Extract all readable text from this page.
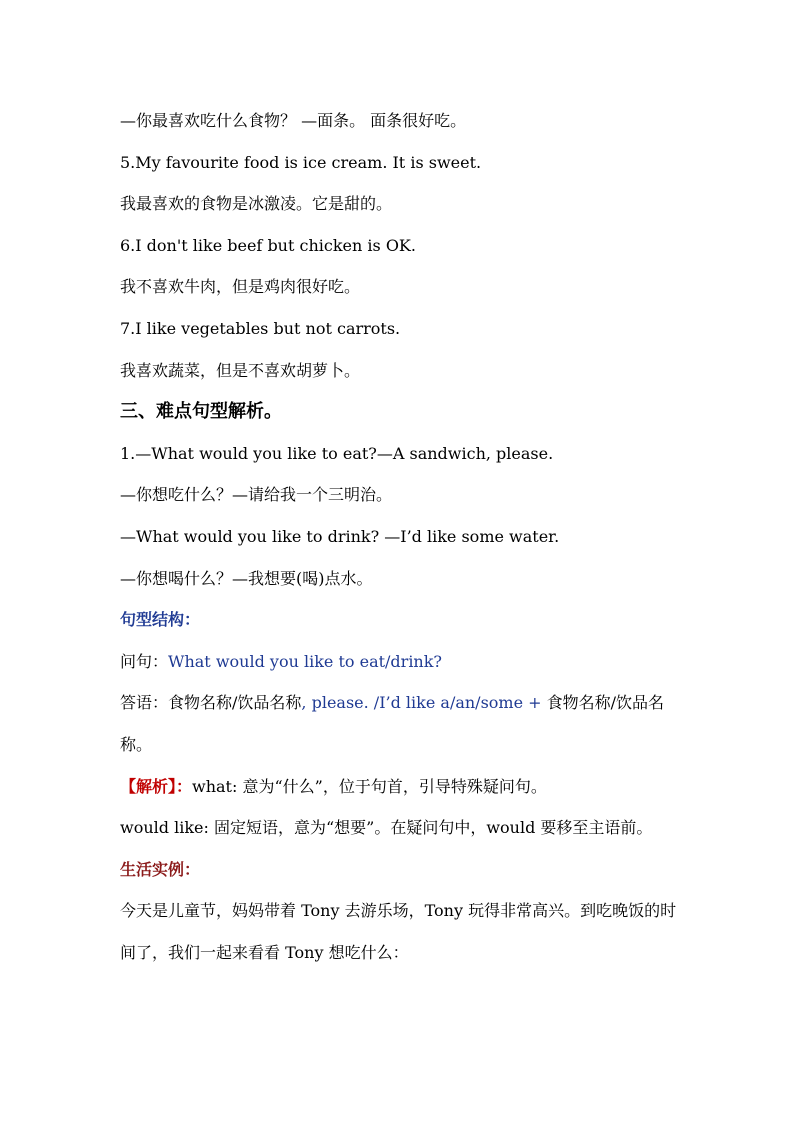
—你最喜欢吃什么食物？ —面条。 面条很好吃。
5.My favourite food is ice cream. It is sweet.
我最喜欢的食物是冰激凌。它是甜的。
6.I don't like beef but chicken is OK.
我不喜欢牛肉，但是鸡肉很好吃。
7.I like vegetables but not carrots.
我喜欢蔬菜，但是不喜欢胡萝卜。
三、难点句型解析。
1.—What would you like to eat?—A sandwich, please.
—你想吃什么？—请给我一个三明治。
—What would you like to drink? —I’d like some water.
—你想喝什么？—我想要(喝)点水。
句型结构：
问句：What would you like to eat/drink?
答语：食物名称/饮品名称, please. /I’d like a/an/some + 食物名称/饮品名称。
【解析】：what: 意为“什么”，位于句首，引导特殊疑问句。
would like: 固定短语，意为“想要”。在疑问句中，would 要移至主语前。
生活实例：
今天是儿童节，妈妈带着 Tony 去游乐场，Tony 玩得非常高兴。到吃晚饭的时间了，我们一起来看看 Tony 想吃什么：
